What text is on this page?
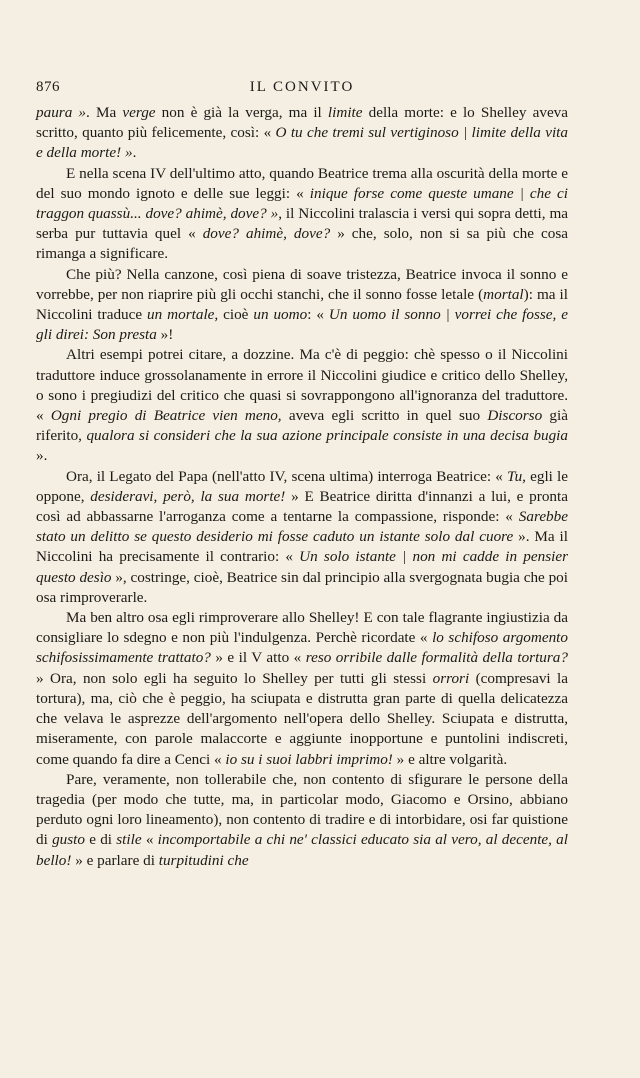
876	IL CONVITO

paura ». Ma verge non è già la verga, ma il limite della morte: e lo Shelley aveva scritto, quanto più felicemente, così: « O tu che tremi sul vertiginoso | limite della vita e della morte! ».

E nella scena IV dell'ultimo atto, quando Beatrice trema alla oscurità della morte e del suo mondo ignoto e delle sue leggi: « inique forse come queste umane | che ci traggon quassù... dove? ahimè, dove? », il Niccolini tralascia i versi qui sopra detti, ma serba pur tuttavia quel « dove? ahimè, dove? » che, solo, non si sa più che cosa rimanga a significare.

Che più? Nella canzone, così piena di soave tristezza, Beatrice invoca il sonno e vorrebbe, per non riaprire più gli occhi stanchi, che il sonno fosse letale (mortal): ma il Niccolini traduce un mortale, cioè un uomo: « Un uomo il sonno | vorrei che fosse, e gli direi: Son presta »!

Altri esempi potrei citare, a dozzine. Ma c'è di peggio: chè spesso o il Niccolini traduttore induce grossolanamente in errore il Niccolini giudice e critico dello Shelley, o sono i pregiudizi del critico che quasi si sovrappongono all'ignoranza del traduttore. « Ogni pregio di Beatrice vien meno, aveva egli scritto in quel suo Discorso già riferito, qualora si consideri che la sua azione principale consiste in una decisa bugia ».

Ora, il Legato del Papa (nell'atto IV, scena ultima) interroga Beatrice: « Tu, egli le oppone, desideravi, però, la sua morte! » E Beatrice diritta d'innanzi a lui, e pronta così ad abbassarne l'arroganza come a tentarne la compassione, risponde: « Sarebbe stato un delitto se questo desiderio mi fosse caduto un istante solo dal cuore ». Ma il Niccolini ha precisamente il contrario: « Un solo istante | non mi cadde in pensier questo desìo », costringe, cioè, Beatrice sin dal principio alla svergognata bugia che poi osa rimproverarle.

Ma ben altro osa egli rimproverare allo Shelley! E con tale flagrante ingiustizia da consigliare lo sdegno e non più l'indulgenza. Perchè ricordate « lo schifoso argomento schifosissimamente trattato? » e il V atto « reso orribile dalle formalità della tortura? » Ora, non solo egli ha seguito lo Shelley per tutti gli stessi orrori (compresavi la tortura), ma, ciò che è peggio, ha sciupata e distrutta gran parte di quella delicatezza che velava le asprezze dell'argomento nell'opera dello Shelley. Sciupata e distrutta, miseramente, con parole malaccorte e aggiunte inopportune e puntolini indiscreti, come quando fa dire a Cenci « io su i suoi labbri imprimo! » e altre volgarità.

Pare, veramente, non tollerabile che, non contento di sfigurare le persone della tragedia (per modo che tutte, ma, in particolar modo, Giacomo e Orsino, abbiano perduto ogni loro lineamento), non contento di tradire e di intorbidare, osi far quistione di gusto e di stile « incomportabile a chi ne' classici educato sia al vero, al decente, al bello! » e parlare di turpitudini che
